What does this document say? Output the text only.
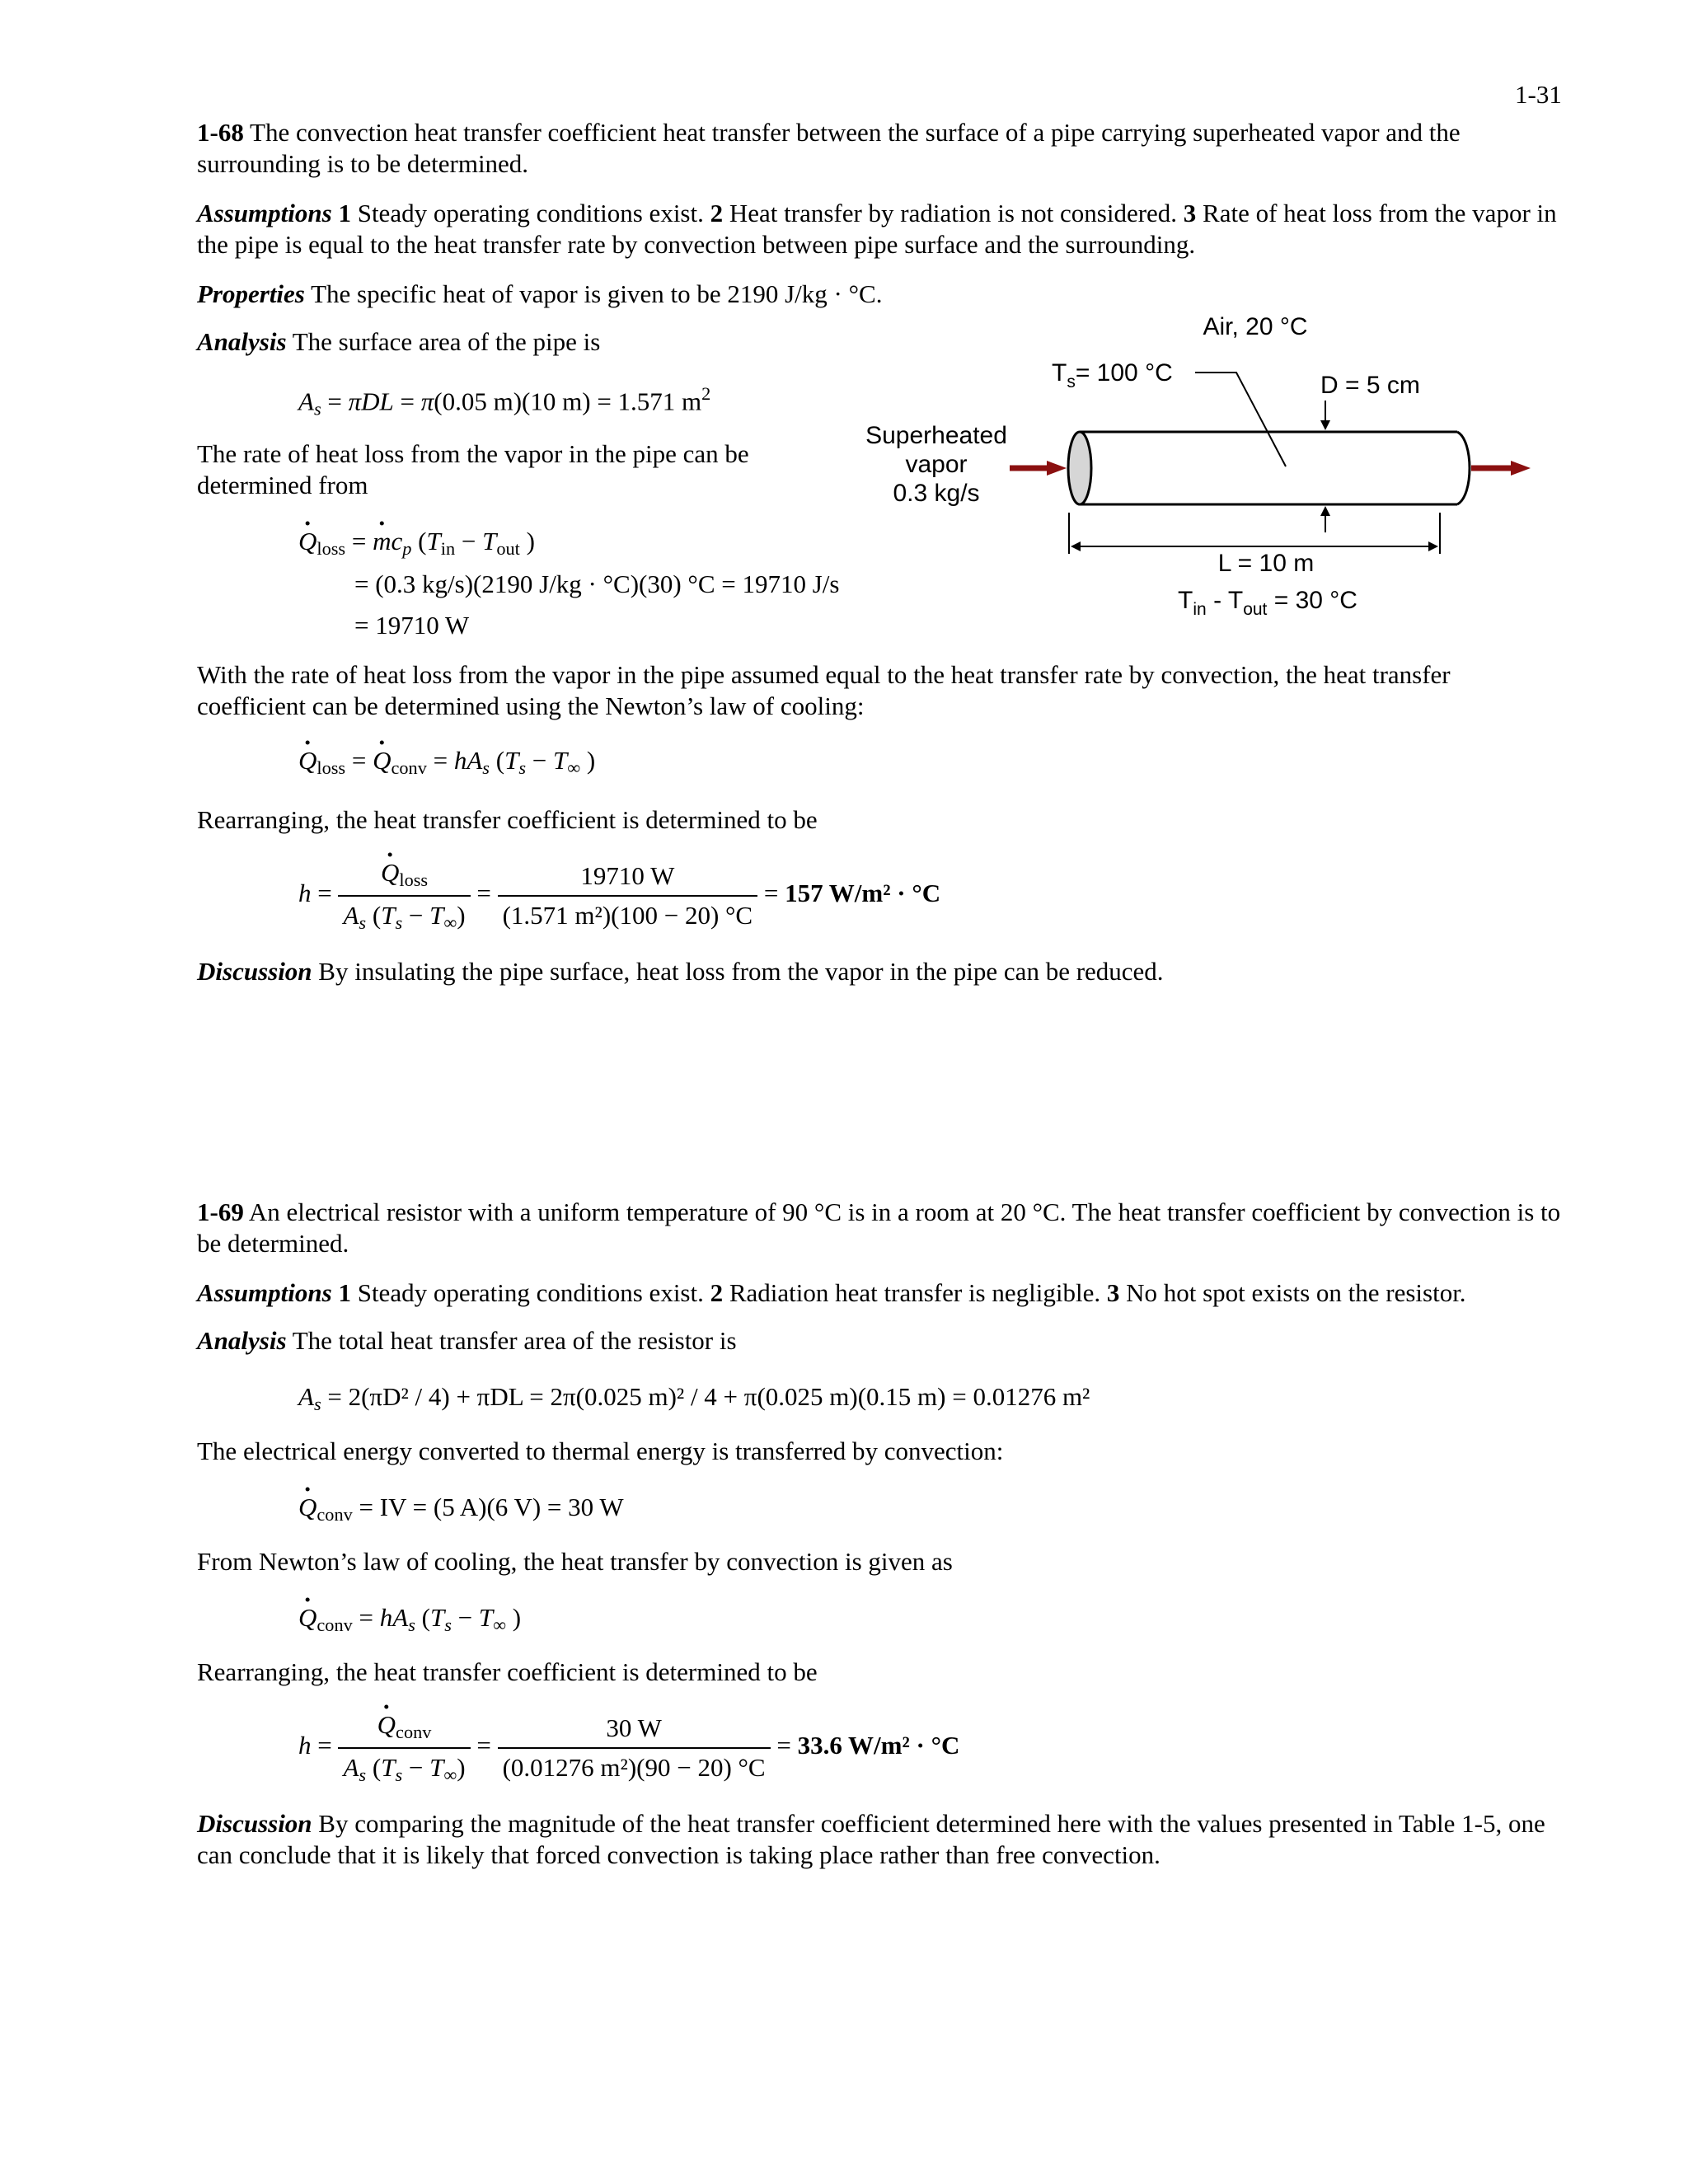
1-31
1-68 The convection heat transfer coefficient heat transfer between the surface of a pipe carrying superheated vapor and the surrounding is to be determined.
Assumptions 1 Steady operating conditions exist. 2 Heat transfer by radiation is not considered. 3 Rate of heat loss from the vapor in the pipe is equal to the heat transfer rate by convection between pipe surface and the surrounding.
Properties The specific heat of vapor is given to be 2190 J/kg · °C.
Analysis The surface area of the pipe is
$A_s = \pi DL = \pi(0.05$ m)(10 m) = 1.571 $m^2$
The rate of heat loss from the vapor in the pipe can be determined from
· $Q_{loss}$ = · $mc_p$ ($T_{in} - T_{out}$ )
= (0.3 kg/s)(2190 J/kg · °C)(30) °C = 19710 J/s
= 19710 W
Air, 20 °C
$T_s= 100$ °C	D = 5 cm
Superheated
vapor
0.3 kg/s
L = 10 m
$T_{in} - T_{out} = 30$ °C
With the rate of heat loss from the vapor in the pipe assumed equal to the heat transfer rate by convection, the heat transfer coefficient can be determined using the Newton’s law of cooling:
· $Q_{loss}$ = · $Q_{conv} = hA_s$ ($T_s - T_\infty$ )
Rearranging, the heat transfer coefficient is determined to be
h = · $\frac{Q_{loss}}{A_s (T_s - T_\infty)} = \frac{19710 W}{\text{(1.571 m²)(100 − 20) °C}} = 157$ W/m² · °C
Discussion By insulating the pipe surface, heat loss from the vapor in the pipe can be reduced.
1-69 An electrical resistor with a uniform temperature of 90 °C is in a room at 20 °C. The heat transfer coefficient by convection is to be determined.
Assumptions 1 Steady operating conditions exist. 2 Radiation heat transfer is negligible. 3 No hot spot exists on the resistor.
Analysis The total heat transfer area of the resistor is
$A_s = 2(\pi D^2 / 4) + \pi DL = 2\pi(0.025$ m)² / 4 + π(0.025 m)(0.15 m) = 0.01276 m²
The electrical energy converted to thermal energy is transferred by convection:
· $Q_{conv}$ = IV = (5 A)(6 V) = 30 W
From Newton’s law of cooling, the heat transfer by convection is given as
· $Q_{conv} = hA_s$ ($T_s - T_\infty$ )
Rearranging, the heat transfer coefficient is determined to be
h = · $\frac{Q_{conv}}{A_s (T_s - T_\infty)} = \frac{30 W}{\text{(0.01276 m²)(90 − 20) °C}} = 33.6$ W/m² · °C
Discussion By comparing the magnitude of the heat transfer coefficient determined here with the values presented in Table 1-5, one can conclude that it is likely that forced convection is taking place rather than free convection.
